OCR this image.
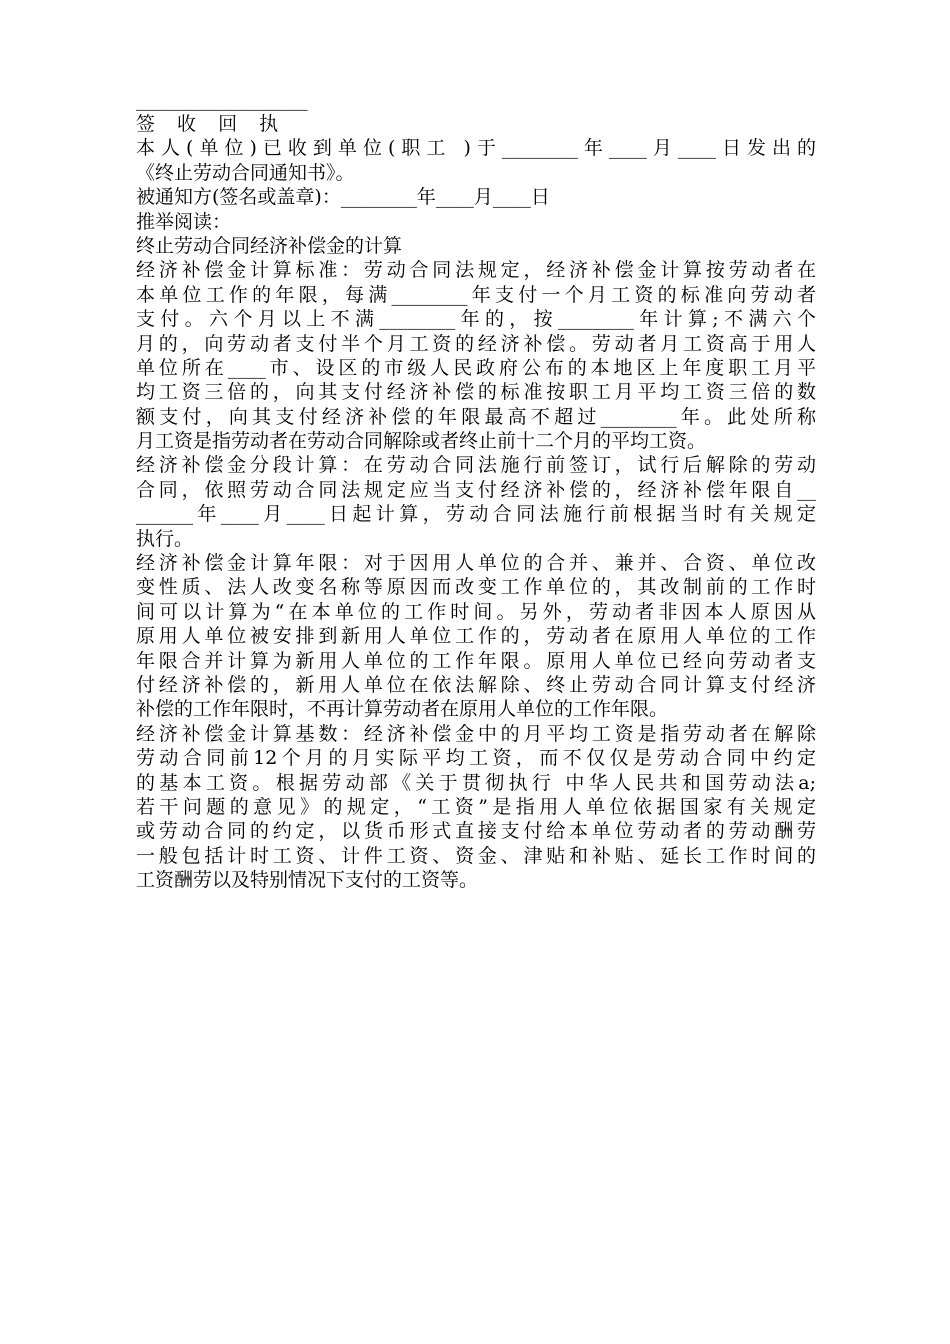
_______________
签 收 回 执
本人(单位)已收到单位(职工 )于________年____月____日发出的
《终止劳动合同通知书》。
被通知方(签名或盖章)：________年____月____日
推举阅读：
终止劳动合同经济补偿金的计算
经济补偿金计算标准：劳动合同法规定，经济补偿金计算按劳动者在
本单位工作的年限，每满________年支付一个月工资的标准向劳动者
支付。六个月以上不满________年的，按________年计算;不满六个
月的，向劳动者支付半个月工资的经济补偿。劳动者月工资高于用人
单位所在____市、设区的市级人民政府公布的本地区上年度职工月平
均工资三倍的，向其支付经济补偿的标准按职工月平均工资三倍的数
额支付，向其支付经济补偿的年限最高不超过________年。此处所称
月工资是指劳动者在劳动合同解除或者终止前十二个月的平均工资。
经济补偿金分段计算：在劳动合同法施行前签订，试行后解除的劳动
合同，依照劳动合同法规定应当支付经济补偿的，经济补偿年限自__
______年____月____日起计算，劳动合同法施行前根据当时有关规定
执行。
经济补偿金计算年限：对于因用人单位的合并、兼并、合资、单位改
变性质、法人改变名称等原因而改变工作单位的，其改制前的工作时
间可以计算为“在本单位的工作时间。另外，劳动者非因本人原因从
原用人单位被安排到新用人单位工作的，劳动者在原用人单位的工作
年限合并计算为新用人单位的工作年限。原用人单位已经向劳动者支
付经济补偿的，新用人单位在依法解除、终止劳动合同计算支付经济
补偿的工作年限时，不再计算劳动者在原用人单位的工作年限。
经济补偿金计算基数：经济补偿金中的月平均工资是指劳动者在解除
劳动合同前12个月的月实际平均工资，而不仅仅是劳动合同中约定
的基本工资。根据劳动部《关于贯彻执行 中华人民共和国劳动法a;
若干问题的意见》的规定，“工资”是指用人单位依据国家有关规定
或劳动合同的约定，以货币形式直接支付给本单位劳动者的劳动酬劳
一般包括计时工资、计件工资、资金、津贴和补贴、延长工作时间的
工资酬劳以及特别情况下支付的工资等。
